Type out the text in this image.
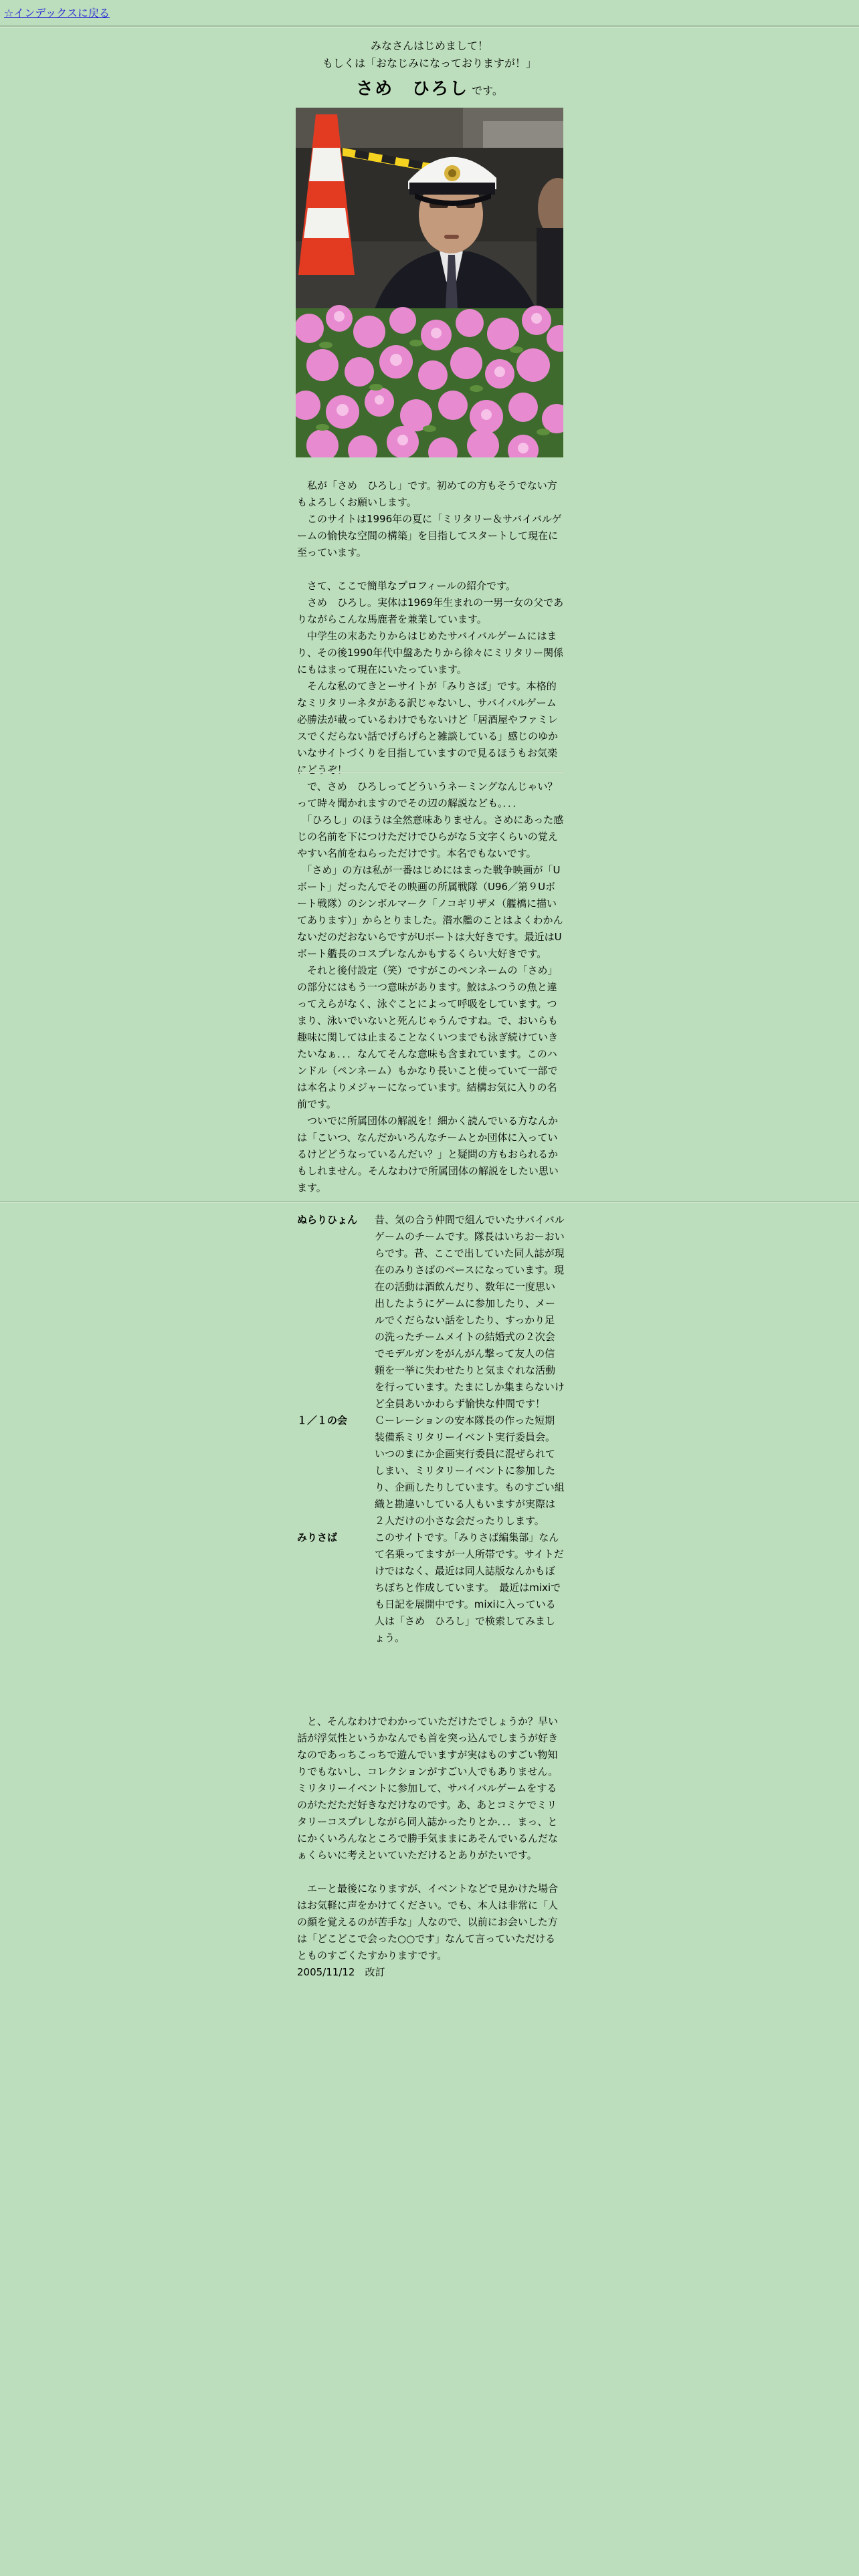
☆インデックスに戻る
みなさんはじめまして！
もしくは「おなじみになっておりますが！」
さめ　ひろし です。

　私が「さめ　ひろし」です。初めての方もそうでない方もよろしくお願いします。

　このサイトは1996年の夏に「ミリタリー＆サバイバルゲームの愉快な空間の構築」を目指してスタートして現在に至っています。

　さて、ここで簡単なプロフィールの紹介です。

　さめ　ひろし。実体は1969年生まれの一男一女の父でありながらこんな馬鹿者を兼業しています。

　中学生の末あたりからはじめたサバイバルゲームにはまり、その後1990年代中盤あたりから徐々にミリタリー関係にもはまって現在にいたっています。

　そんな私のてきとーサイトが「みりさば」です。本格的なミリタリーネタがある訳じゃないし、サバイバルゲーム必勝法が載っているわけでもないけど「居酒屋やファミレスでくだらない話でげらげらと雑談している」感じのゆかいなサイトづくりを目指していますので見るほうもお気楽にどうぞ！

　で、さめ　ひろしってどういうネーミングなんじゃい？って時々聞かれますのでその辺の解説なども。．．．

　「ひろし」のほうは全然意味ありません。さめにあった感じの名前を下につけただけでひらがな５文字くらいの覚えやすい名前をねらっただけです。本名でもないです。

　「さめ」の方は私が一番はじめにはまった戦争映画が「Uボート」だったんでその映画の所属戦隊（U96／第９Uボート戦隊）のシンボルマーク「ノコギリザメ（艦橋に描いてあります）」からとりました。潜水艦のことはよくわかんないだのだおないらですがUボートは大好きです。最近はUボート艦長のコスプレなんかもするくらい大好きです。

　それと後付設定（笑）ですがこのペンネームの「さめ」の部分にはもう一つ意味があります。鮫はふつうの魚と違ってえらがなく、泳ぐことによって呼吸をしています。つまり、泳いでいないと死んじゃうんですね。で、おいらも趣味に関しては止まることなくいつまでも泳ぎ続けていきたいなぁ．．．なんてそんな意味も含まれています。このハンドル（ペンネーム）もかなり長いこと使っていて一部では本名よりメジャーになっています。結構お気に入りの名前です。

　ついでに所属団体の解説を！細かく読んでいる方なんかは「こいつ、なんだかいろんなチームとか団体に入っているけどどうなっているんだい？」と疑問の方もおられるかもしれません。そんなわけで所属団体の解説をしたい思います。

ぬらりひょん	昔、気の合う仲間で組んでいたサバイバルゲームのチームです。隊長はいちおーおいらです。昔、ここで出していた同人誌が現在のみりさばのベースになっています。現在の活動は酒飲んだり、数年に一度思い出したようにゲームに参加したり、メールでくだらない話をしたり、すっかり足の洗ったチームメイトの結婚式の２次会でモデルガンをがんがん撃って友人の信頼を一挙に失わせたりと気まぐれな活動を行っています。たまにしか集まらないけど全員あいかわらず愉快な仲間です！
１／１の会	Ｃーレーションの安本隊長の作った短期装備系ミリタリーイベント実行委員会。いつのまにか企画実行委員に混ぜられてしまい、ミリタリーイベントに参加したり、企画したりしています。ものすごい組織と勘違いしている人もいますが実際は２人だけの小さな会だったりします。
みりさば	このサイトです。「みりさば編集部」なんて名乗ってますが一人所帯です。サイトだけではなく、最近は同人誌版なんかもぼちぼちと作成しています。　最近はmixiでも日記を展開中です。mixiに入っている人は「さめ　ひろし」で検索してみましょう。

　と、そんなわけでわかっていただけたでしょうか？早い話が浮気性というかなんでも首を突っ込んでしまうが好きなのであっちこっちで遊んでいますが実はものすごい物知りでもないし、コレクションがすごい人でもありません。ミリタリーイベントに参加して、サバイバルゲームをするのがただただ好きなだけなのです。あ、あとコミケでミリタリーコスプレしながら同人誌かったりとか．．．まっ、とにかくいろんなところで勝手気ままにあそんでいるんだなぁくらいに考えといていただけるとありがたいです。

　エーと最後になりますが、イベントなどで見かけた場合はお気軽に声をかけてください。でも、本人は非常に「人の顔を覚えるのが苦手な」人なので、以前にお会いした方は「どこどこで会った○○です」なんて言っていただけるとものすごくたすかりますです。

2005/11/12　改訂
